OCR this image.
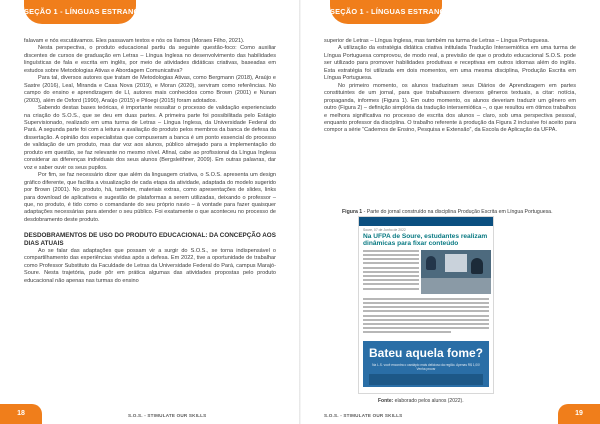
SEÇÃO 1 - LÍNGUAS ESTRANGEIRAS

falavam e nós escutávamos. Eles passavam textos e nós os líamos (Moraes Filho, 2021).

Nesta perspectiva, o produto educacional partiu da seguinte questão-foco: Como auxiliar discentes de cursos de graduação em Letras – Língua Inglesa no desenvolvimento das habilidades linguísticas de fala e escrita em inglês, por meio de atividades didáticas criativas, baseadas em estudos sobre Metodologias Ativas e Abordagem Comunicativa?

Para tal, diversos autores que tratam de Metodologias Ativas, como Bergmann (2018), Araújo e Sastre (2016), Leal, Miranda e Casa Nova (2019), e Moran (2020), serviram como referências. No campo do ensino e aprendizagem de LI, autores mais conhecidos como Brown (2001) e Nunan (2003), além de Oxford (1990), Araújo (2015) e Piloegi (2015) foram adotados.

Sabendo destas bases teóricas, é importante ressaltar o processo de validação experienciado na criação do S.O.S., que se deu em duas partes. A primeira parte foi possibilitada pelo Estágio Supervisionado, realizado em uma turma de Letras – Língua Inglesa, da Universidade Federal do Pará. A segunda parte foi com a leitura e avaliação do produto pelos membros da banca de defesa da dissertação. A opinião dos especialistas que compuseram a banca é um ponto essencial do processo de validação de um produto, mas dar voz aos alunos, público almejado para a implementação do produto em questão, se faz relevante no mesmo nível. Afinal, cabe ao profissional da Língua Inglesa considerar as diferenças individuais dos seus alunos (Bergsleithner, 2009). Em outras palavras, dar voz e saber ouvir os seus pupilos.

Por fim, se faz necessário dizer que além da linguagem criativa, o S.O.S. apresenta um design gráfico diferente, que facilita a visualização de cada etapa da atividade, adaptada do modelo sugerido por Brown (2001). No produto, há, também, materiais extras, como apresentações de slides, links para download de aplicativos e sugestão de plataformas a serem utilizadas, deixando o professor – que, no produto, é tido como o comandante do seu próprio navio – à vontade para fazer quaisquer adaptações necessárias para atender o seu público. Foi exatamente o que aconteceu no processo de desdobramento deste produto.

DESDOBRAMENTOS DE USO DO PRODUTO EDUCACIONAL: DA CONCEPÇÃO AOS DIAS ATUAIS

Ao se falar das adaptações que possam vir a surgir do S.O.S., se torna indispensável o compartilhamento das experiências vividas após a defesa. Em 2022, tive a oportunidade de trabalhar como Professor Substituto da Faculdade de Letras da Universidade Federal do Pará, campus Marajó-Soure. Nesta trajetória, pude pôr em prática algumas das atividades propostas pelo produto educacional não apenas nas turmas do ensino

18	S.O.S. - STIMULATE OUR SKILLS
SEÇÃO 1 - LÍNGUAS ESTRANGEIRAS

superior de Letras – Língua Inglesa, mas também na turma de Letras – Língua Portuguesa.

A utilização da estratégia didática criativa intitulada Tradução Intersemiótica em uma turma de Língua Portuguesa comprovou, de modo real, a previsão de que o produto educacional S.O.S. pode ser utilizado para promover habilidades produtivas e receptivas em outros idiomas além do inglês. Esta estratégia foi utilizada em dois momentos, em uma mesma disciplina, Produção Escrita em Língua Portuguesa.

No primeiro momento, os alunos traduziram seus Diários de Aprendizagem em partes constituintes de um jornal, para que trabalhassem diversos gêneros textuais, a citar: notícia, propaganda, informes (Figura 1). Em outro momento, os alunos deveriam traduzir um gênero em outro (Figura 2) – definição simplória da tradução intersemiótica –, o que resultou em ótimos trabalhos e melhora significativa no processo de escrita dos alunos – claro, sob uma perspectiva pessoal, enquanto professor da disciplina. O trabalho referente à produção da Figura 2 inclusive foi aceito para compor a série “Cadernos de Ensino, Pesquisa e Extensão”, da Escola de Aplicação da UFPA.

Figura 1 - Parte do jornal construído na disciplina Produção Escrita em Língua Portuguesa.
Soure, 07 de Junho de 2022
Na UFPA de Soure, estudantes realizam dinâmicas para fixar conteúdo
Bateu aquela fome?
Na L.S. você encontra o cardápio mais delicioso da região. Apenas R$ 1,00! Venha provar
Fonte: elaborado pelos alunos (2022).
S.O.S. - STIMULATE OUR SKILLS	19
